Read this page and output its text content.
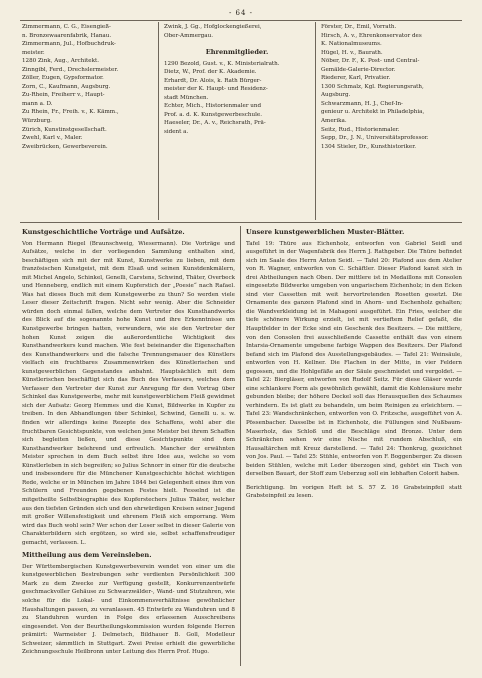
- 64 -
Zimmermann, C. G., Eisengieß-
n. Bronzewaarenfabrik, Hanau.
Zimmermann, Jul., Hofbuchdruk-
meister.
1280 Zink, Aug., Architekt.
Zinngibl, Ferd., Drechslermeister.
Zöller, Eugen, Gypsformator.
Zorn, C., Kaufmann, Augsburg.
Zu-Rhein, Freiherr v., Haupt-
mann a. D.
Zu Rhein, Fr., Freih. v., K. Kämm.,
Würzburg.
Zürich, Kunstinstgesellschaft.
Zwehl, Karl v., Maler.
Zweibrücken, Gewerbeverein.
Zwink, J. Gg., Hofglockengießerei,
Ober-Ammergau.

Ehrenmitglieder.

1290 Bezold, Gust. v., K. Ministerialrath.
Dietz, W., Prof. der K. Akademie.
Erhardt, Dr. Alois, k. Rath Bürger-
meister der K. Haupt- und Residenz-
stadt München.
Echter, Mich., Historienmaler und
Prof. a. d. K. Kunstgewerbeschule.
Haeseler, Dr., A. v., Reichsrath, Prä-
sident a.
Förster, Dr., Emil, Vorrath.
Hirsch, A. v., Ehrenkonservator des
K. Nationalmuseums.
Hügel, H. v., Baurath.
Nöber, Dr. F., K. Post- und Central-
Gemälde-Galerie-Director.
Riederer, Karl, Privatier.
1300 Schmalz, Kgl. Regierungsrath,
Augsburg.
Schwarzmann, H. J., Chef-In-
genieur u. Architekt in Philadelphia,
Amerika.
Seitz, Rud., Historienmaler.
Sepp, Dr., J. N., Universitätsprofessor.
1304 Stieler, Dr., Kunsthistoriker.

Kunstgeschichtliche Vorträge und Aufsätze.

Von Hermann Riegel (Braunschweig, Wiesermann). Die Vorträge und Aufsätze, welche in der vorliegenden Sammlung enthalten sind, beschäftigen sich mit der mit Kunst, Kunstwerke zu lieben, mit dem französischen Kunstgeist, mit dem Elsaß und seinen Kunstdenkmälern, mit Michel Angelo, Schinkel, Genelli, Carstens, Schwind, Thäter, Overbeck und Henneberg, endlich mit einem Kupferstich der „Poesie“ nach Rafael. Was hat dieses Buch mit dem Kunstgewerbe zu thun? So werden viele Leser dieser Zeitschrift fragen. Nicht sehr wenig. Aber die Schneider würden doch einmal fallen, welche dem Vertreter des Kunsthandwerks des Blick auf die sogenannte hohe Kunst und ihre Erkenntnisse um Kunstgewerbe bringen hatten, verwundern, wie sie den Vertreter der hohen Kunst zeigen die außerordentliche Wichtigkeit des Kunsthandwerkers kund machen. Wie fest beieinander die Eigenschaften des Kunsthandwerkers und die falsche Trennungsmauer des Künstlers vielfach ein fruchtbares Zusammenwirken des Künstlerischen und kunstgewerblichen Gegenstandes anbahnt. Hauptsächlich mit dem Künstlerischen beschäftigt sich das Buch des Verfassers, welches dem Verfasser den Vertreter der Kunst zur Anregung für den Vortrag über Schinkel das Kunstgewerbe, mehr mit kunstgewerblichem Fleiß gewidmet sich der Aufsatz: Georg Hemmes und die Kunst, Bildwerke in Kupfer zu treiben. In den Abhandlungen über Schinkel, Schwind, Genelli u. s. w. finden wir allerdings keine Rezepte des Schaffens, wohl aber die fruchtbaren Gesichtspunkte, von welchen jene Meister bei ihrem Schaffen sich begleiten ließen, und diese Gesichtspunkte sind dem Kunsthandwerker belehrend und erfreulich. Mancher der erwähnten Meister sprechen in dem Buch selbst ihre Idee aus, welche so vom Künstlerleben in sich begreifen; so Julius Schnorr in einer für die deutsche und insbesondere für die Münchener Kunstgeschichte höchst wichtigen Rede, welche er in München im Jahre 1844 bei Gelegenheit eines ihm von Schülern und Freunden gegebenen Festes hielt. Fesselnd ist die mitgetheilte Selbstbiographie des Kupferstechers Julius Thäter, welcher aus den tiefsten Gründen sich und den ehrwürdigen Kreisen seiner Jugend mit großer Willensfestigkeit und ehrenem Fleiß sich emporrang. Wem wird das Buch wohl sein? Wer schon der Leser selbst in dieser Galerie von Charakterbildern sich ergötzen, so wird sie, selbst schaffensfreudiger gemacht, verlassen. L.

Mittheilung aus dem Vereinsleben.

Der Württembergischen Kunstgewerbeverein wendet von einer um die kunstgewerblichen Bestrebungen sehr verdienten Persönlichkeit 300 Mark zu dem Zwecke zur Verfügung gestellt, Konkurrenzentwürfe geschmackvoller Gehäuse zu Schwarzwälder-, Wand- und Stutzuhren, wie solche für die Lokal- und Einkommensverhältnisse gewöhnlicher Haushaltungen passen, zu veranlassen. 45 Entwürfe zu Wanduhren und 8 zu Standuhren wurden in Folge des erlassenen Ausschreibens eingesendet. Von der Beurtheilungskommission wurden folgende Herren prämiirt: Warmeister J. Delmetsch, Bildhauer B. Goll, Modelleur Schweizer, sämmtlich in Stuttgart. Zwei Preise erhielt die gewerbliche Zeichnungsschule Heilbronn unter Leitung des Herrn Prof. Hugo.

Unsere kunstgewerblichen Muster-Blätter.

Tafel 19: Thüre aus Eichenholz, entworfen von Gabriel Seidl und ausgeführt in der Wagenfabrik des Herrn J. Rathgeber. Die Thüre befindet sich im Saale des Herrn Anton Seidl. — Tafel 20: Plafond aus dem Atelier von R. Wagner, entworfen von C. Schäftler. Dieser Plafond kanst sich in drei Abtheilungen nach Oben. Der mittlere ist in Medaillons mit Consolen eingesetzte Bildwerke umgeben von ungarischem Eichenholz; in den Ecken sind vier Cassetten mit weit hervortretenden Rosetten gesetzt. Die Ornamente des ganzen Plafond sind in Ahorn- und Eschenholz gehalten; die Wandverkleidung ist in Mahagoni ausgeführt. Ein Fries, welcher die tiefe schönere Wirkung erzielt, ist mit vertieftem Relief gefaßt, die Hauptfelder in der Ecke sind ein Geschenk des Besitzers. — Die mittlere, von den Consolen frei ausschließende Cassette enthält das von einem Intarsia-Ornamente umgebene farbige Wappen des Besitzers. Der Plafond befand sich im Plafond des Ausstellungsgebäudes. — Tafel 21: Weinsäule, entworfen von H. Kellner. Die Flachen in der Mitte, in vier Feldern gegossen, und die Hohlgefäße an der Säule geschmiedet und vergoldet. — Tafel 22: Biergläser, entworfen von Rudolf Seitz. Für diese Gläser wurde eine schlankere Form als gewöhnlich gewählt, damit die Kohlensäure mehr gebunden bleibe; der höhere Deckel soll das Herausquellen des Schaumes verhindern. Es ist glatt zu behandeln, um beim Reinigen zu erleichtern. — Tafel 23: Wandschränkchen, entworfen von O. Fritzsche, ausgeführt von A. Pössenbacher. Dasselbe ist in Eichenholz, die Füllungen sind Nußbaum-Maserholz, das Schloß und die Beschläge sind Bronze. Unter dem Schränkchen sehen wir eine Nische mit rundem Abschluß, ein Hausaltärchen mit Kreuz darstellend. — Tafel 24: Thonkrug, gezeichnet von Jos. Paul. — Tafel 25: Stühle, entworfen von F. Boggenberger. Zu diesen beiden Stühlen, welche mit Leder überzogen sind, gehört ein Tisch von derselben Bauart, der Stoff zum Ueberzug soll ein lebhaften Colorit haben.

Berichtigung. Im vorigen Heft ist S. 57 Z. 16 Grabsteinpfeil statt Grabsteinpfeil zu lesen.
